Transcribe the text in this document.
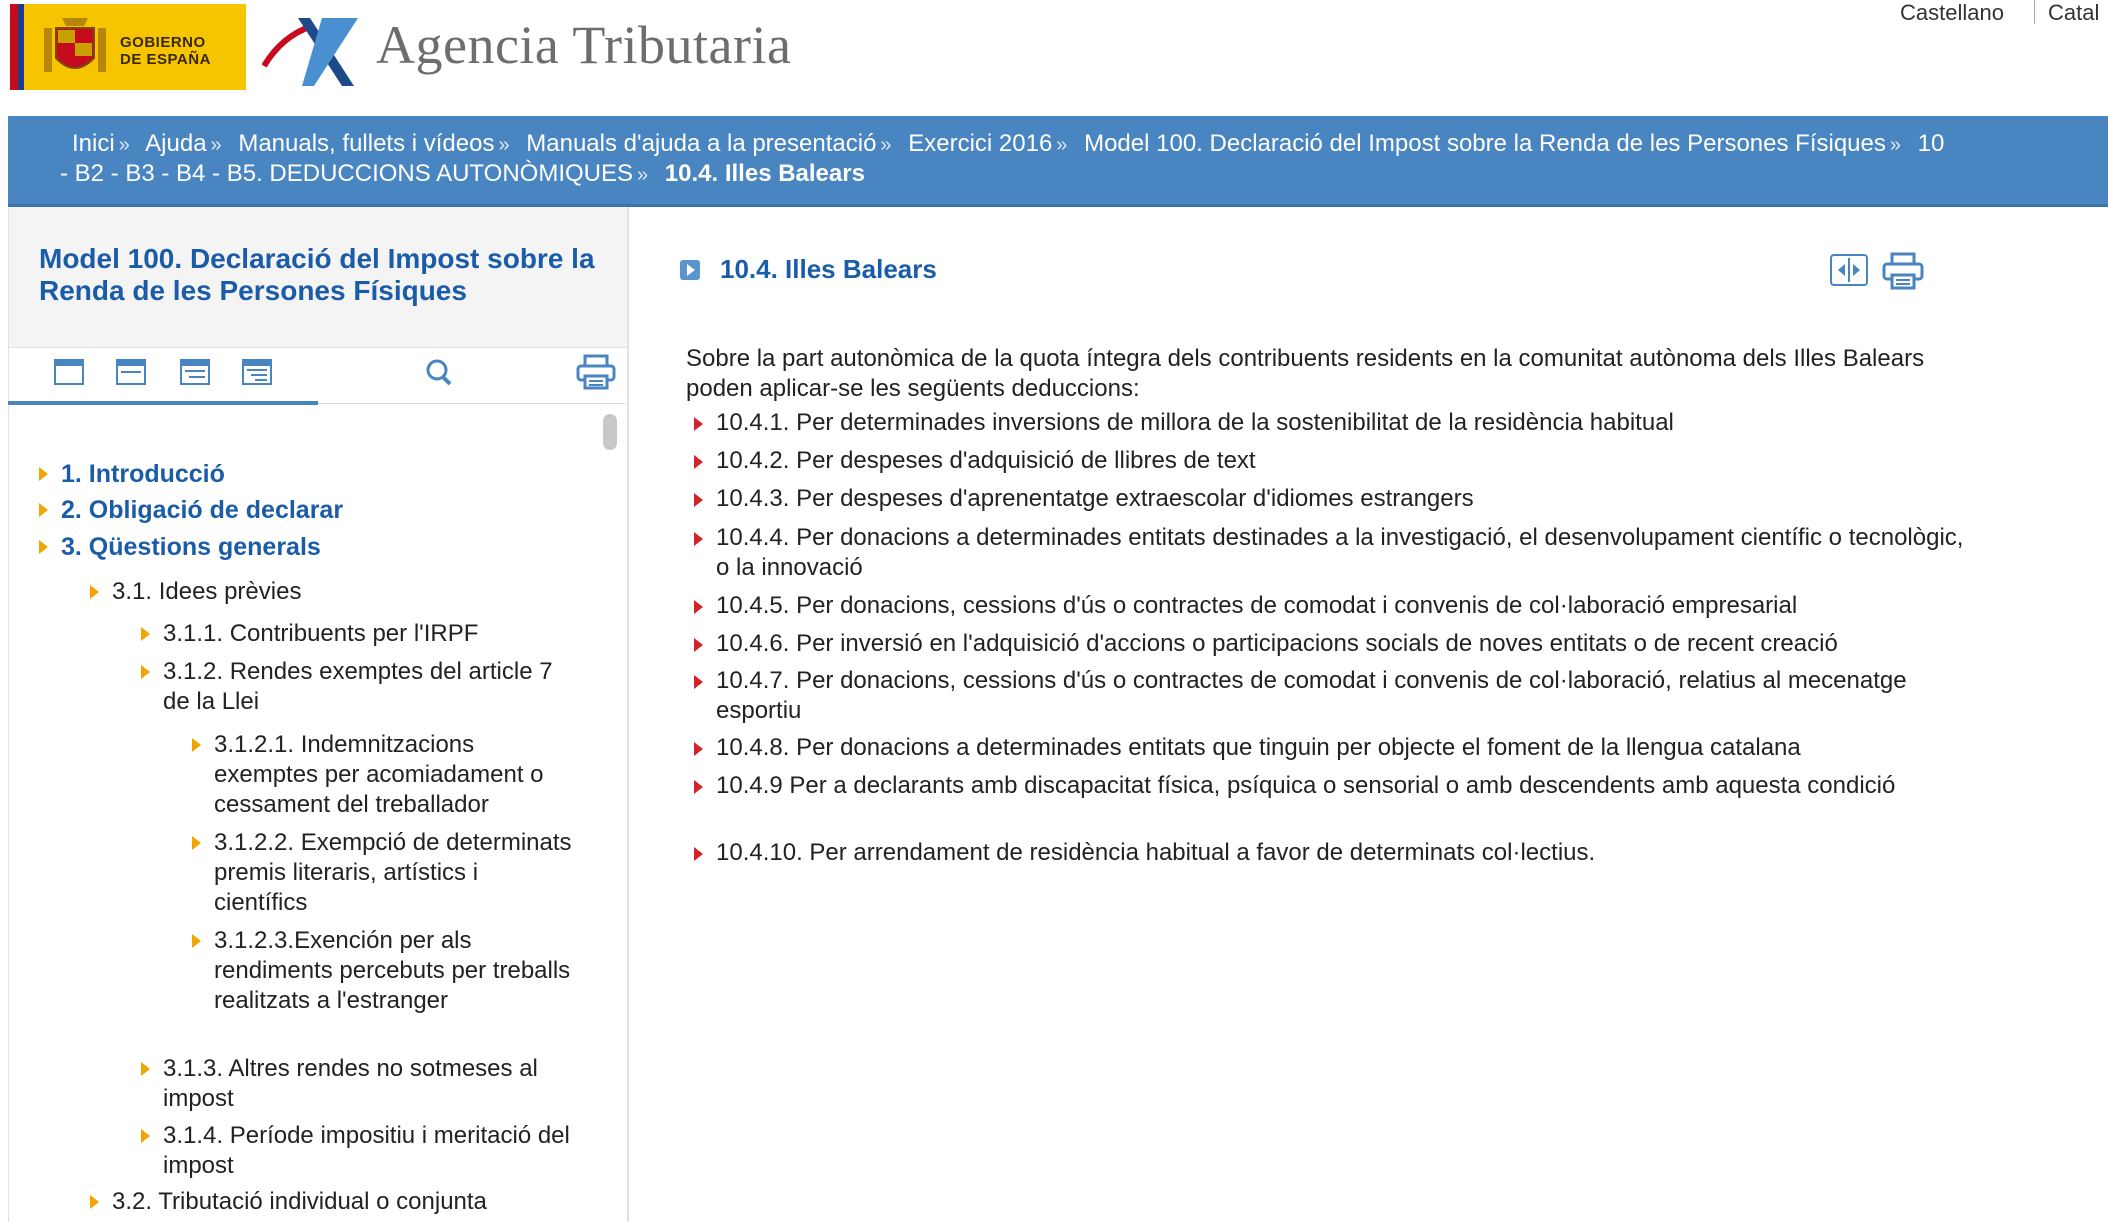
GOBIERNO
DE ESPAÑA	Agencia Tributaria
Castellano Catal
Inici » Ajuda » Manuals, fullets i vídeos » Manuals d'ajuda a la presentació » Exercici 2016 » Model 100. Declaració del Impost sobre la Renda de les Persones Físiques » 10
- B2 - B3 - B4 - B5. DEDUCCIONS AUTONÒMIQUES » 10.4. Illes Balears
Model 100. Declaració del Impost sobre la Renda de les Persones Físiques
1. Introducció
2. Obligació de declarar
3. Qüestions generals
3.1. Idees prèvies
3.1.1. Contribuents per l'IRPF
3.1.2. Rendes exemptes del article 7 de la Llei
3.1.2.1. Indemnitzacions exemptes per acomiadament o cessament del treballador
3.1.2.2. Exempció de determinats premis literaris, artístics i científics
3.1.2.3.Exención per als rendiments percebuts per treballs realitzats a l'estranger
3.1.3. Altres rendes no sotmeses al impost
3.1.4. Període impositiu i meritació del impost
3.2. Tributació individual o conjunta
10.4. Illes Balears
Sobre la part autonòmica de la quota íntegra dels contribuents residents en la comunitat autònoma dels Illes Balears poden aplicar-se les següents deduccions:
10.4.1. Per determinades inversions de millora de la sostenibilitat de la residència habitual
10.4.2. Per despeses d'adquisició de llibres de text
10.4.3. Per despeses d'aprenentatge extraescolar d'idiomes estrangers
10.4.4. Per donacions a determinades entitats destinades a la investigació, el desenvolupament científic o tecnològic, o la innovació
10.4.5. Per donacions, cessions d'ús o contractes de comodat i convenis de col·laboració empresarial
10.4.6. Per inversió en l'adquisició d'accions o participacions socials de noves entitats o de recent creació
10.4.7. Per donacions, cessions d'ús o contractes de comodat i convenis de col·laboració, relatius al mecenatge esportiu
10.4.8. Per donacions a determinades entitats que tinguin per objecte el foment de la llengua catalana
10.4.9 Per a declarants amb discapacitat física, psíquica o sensorial o amb descendents amb aquesta condició
10.4.10. Per arrendament de residència habitual a favor de determinats col·lectius.
